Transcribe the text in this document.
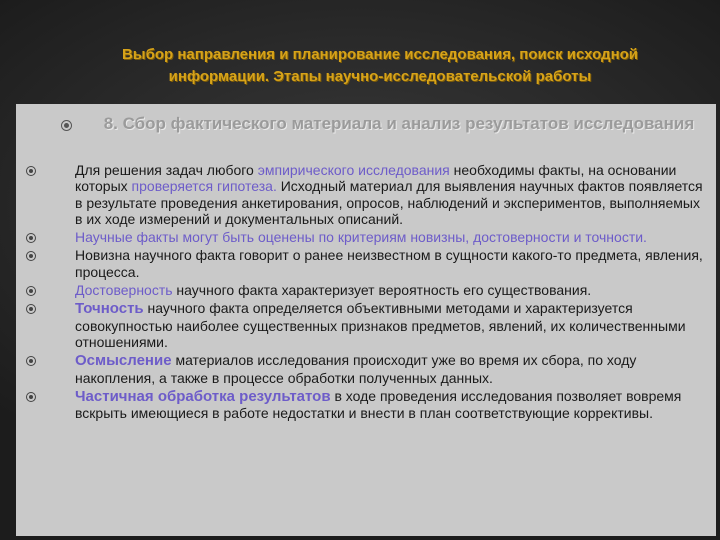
Выбор направления и планирование исследования, поиск исходной
информации. Этапы научно-исследовательской работы
8. Сбор фактического материала и анализ результатов исследования
Для решения задач любого эмпирического исследования необходимы факты, на основании которых проверяется гипотеза. Исходный материал для выявления научных фактов появляется в результате проведения анкетирования, опросов, наблюдений и экспериментов, выполняемых в их ходе измерений и документальных описаний.
Научные факты могут быть оценены по критериям новизны, достоверности и точности.
Новизна научного факта говорит о ранее неизвестном в сущности какого-то предмета, явления, процесса.
Достоверность научного факта характеризует вероятность его существования.
Точность научного факта определяется объективными методами и характеризуется совокупностью наиболее существенных признаков предметов, явлений, их количественными отношениями.
Осмысление материалов исследования происходит уже во время их сбора, по ходу накопления, а также в процессе обработки полученных данных.
Частичная обработка результатов в ходе проведения исследования позволяет вовремя вскрыть имеющиеся в работе недостатки и внести в план соответствующие коррективы.
